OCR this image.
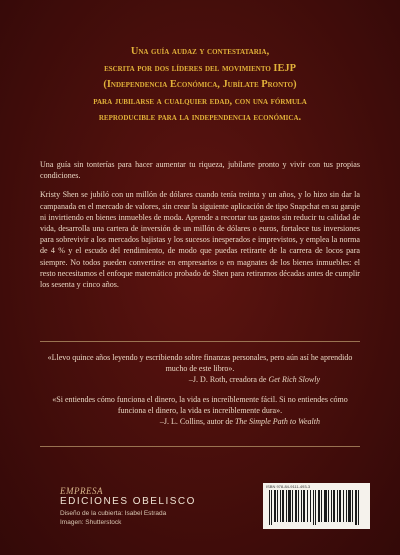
Una guía audaz y contestataria,
escrita por dos líderes del movimiento IEJP
(Independencia Económica, Jubílate Pronto)
para jubilarse a cualquier edad, con una fórmula
reproducible para la independencia económica.

Una guía sin tonterías para hacer aumentar tu riqueza, jubilarte pronto y vivir con tus propias condiciones.

Kristy Shen se jubiló con un millón de dólares cuando tenía treinta y un años, y lo hizo sin dar la campanada en el mercado de valores, sin crear la siguiente aplicación de tipo Snapchat en su garaje ni invirtiendo en bienes inmuebles de moda. Aprende a recortar tus gastos sin reducir tu calidad de vida, desarrolla una cartera de inversión de un millón de dólares o euros, fortalece tus inversiones para sobrevivir a los mercados bajistas y los sucesos inesperados e imprevistos, y emplea la norma de 4 % y el escudo del rendimiento, de modo que puedas retirarte de la carrera de locos para siempre. No todos pueden convertirse en empresarios o en magnates de los bienes inmuebles: el resto necesitamos el enfoque matemático probado de Shen para retirarnos décadas antes de cumplir los sesenta y cinco años.

«Llevo quince años leyendo y escribiendo sobre finanzas personales, pero aún así he aprendido mucho de este libro».
–J. D. Roth, creadora de Get Rich Slowly
«Si entiendes cómo funciona el dinero, la vida es increíblemente fácil. Si no entiendes cómo funciona el dinero, la vida es increíblemente dura».
–J. L. Collins, autor de The Simple Path to Wealth
EMPRESA
EDICIONES OBELISCO
Diseño de la cubierta: Isabel Estrada
Imagen: Shutterstock
ISBN 978-84-9111-493-3
